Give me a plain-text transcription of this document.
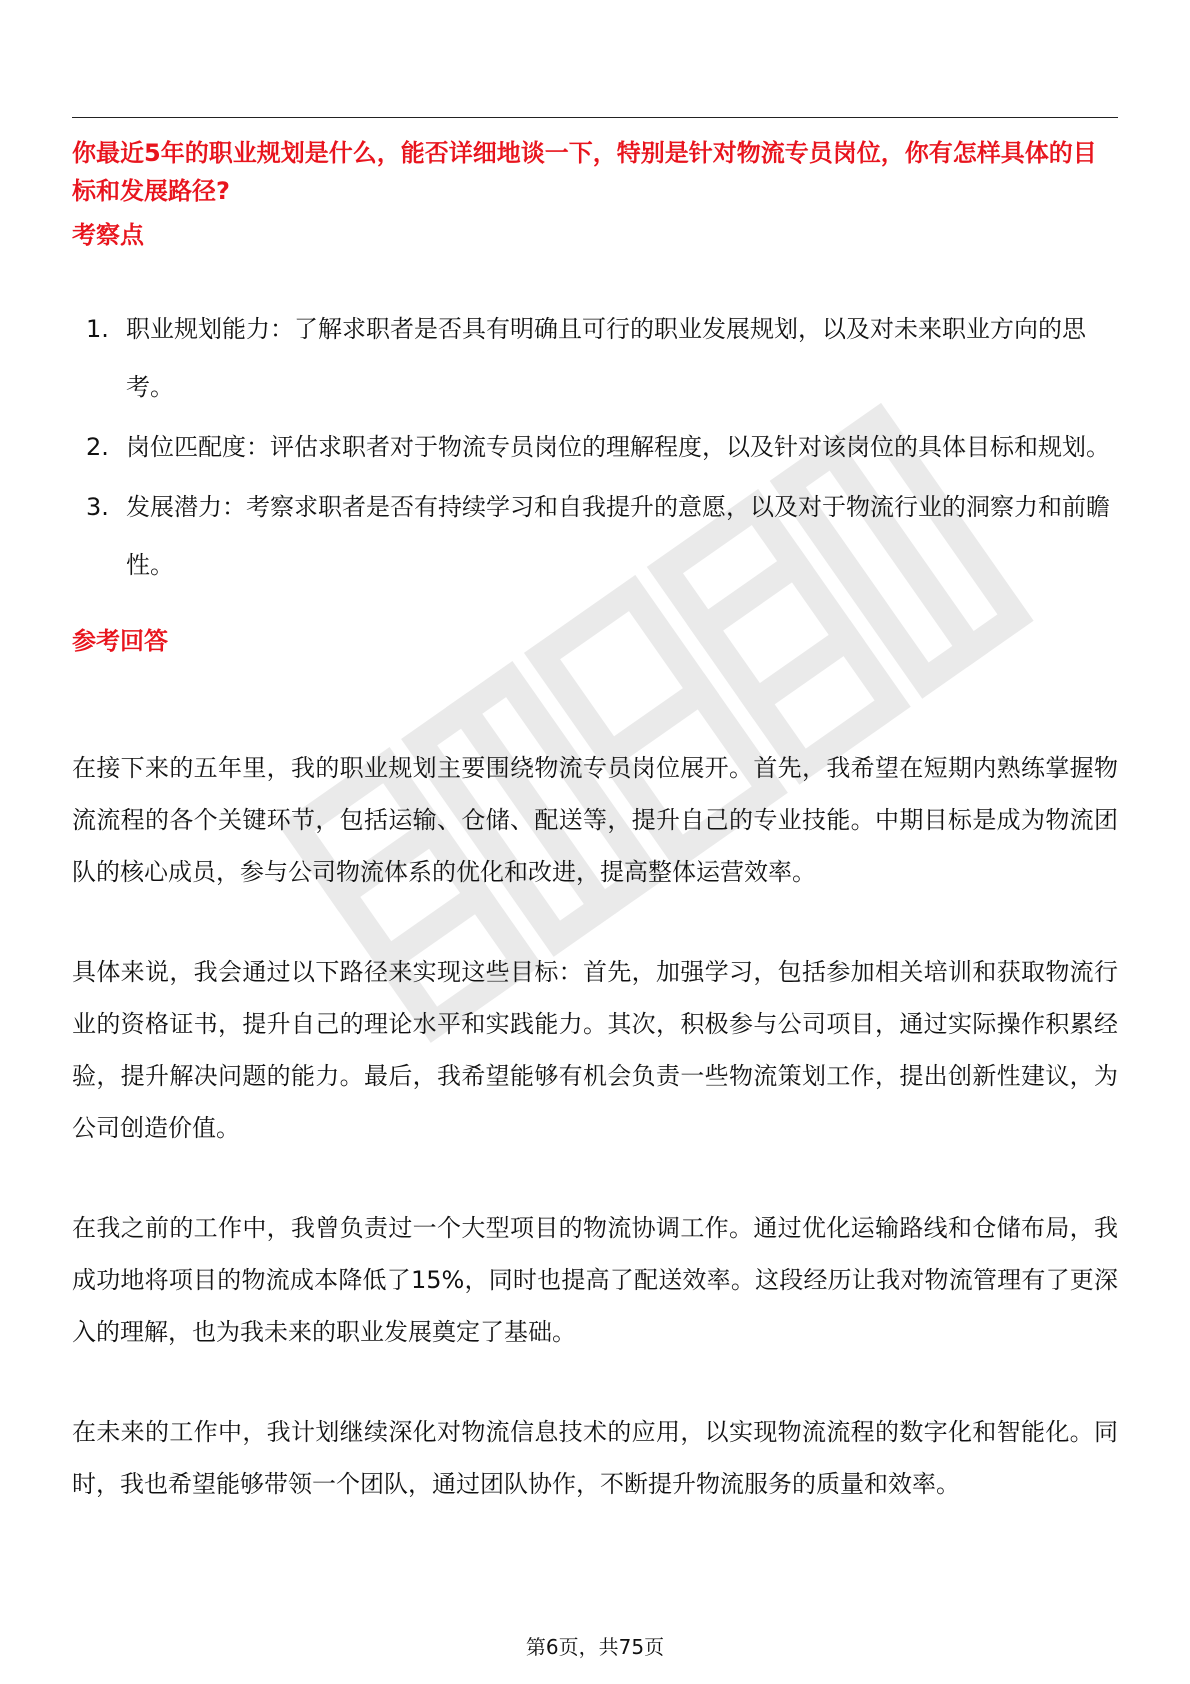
你最近5年的职业规划是什么，能否详细地谈一下，特别是针对物流专员岗位，你有怎样具体的目标和发展路径?

考察点
1. 职业规划能力：了解求职者是否具有明确且可行的职业发展规划，以及对未来职业方向的思考。
2. 岗位匹配度：评估求职者对于物流专员岗位的理解程度，以及针对该岗位的具体目标和规划。
3. 发展潜力：考察求职者是否有持续学习和自我提升的意愿，以及对于物流行业的洞察力和前瞻性。
参考回答

在接下来的五年里，我的职业规划主要围绕物流专员岗位展开。首先，我希望在短期内熟练掌握物流流程的各个关键环节，包括运输、仓储、配送等，提升自己的专业技能。中期目标是成为物流团队的核心成员，参与公司物流体系的优化和改进，提高整体运营效率。

具体来说，我会通过以下路径来实现这些目标：首先，加强学习，包括参加相关培训和获取物流行业的资格证书，提升自己的理论水平和实践能力。其次，积极参与公司项目，通过实际操作积累经验，提升解决问题的能力。最后，我希望能够有机会负责一些物流策划工作，提出创新性建议，为公司创造价值。

在我之前的工作中，我曾负责过一个大型项目的物流协调工作。通过优化运输路线和仓储布局，我成功地将项目的物流成本降低了15%，同时也提高了配送效率。这段经历让我对物流管理有了更深入的理解，也为我未来的职业发展奠定了基础。

在未来的工作中，我计划继续深化对物流信息技术的应用，以实现物流流程的数字化和智能化。同时，我也希望能够带领一个团队，通过团队协作，不断提升物流服务的质量和效率。

第6页，共75页
